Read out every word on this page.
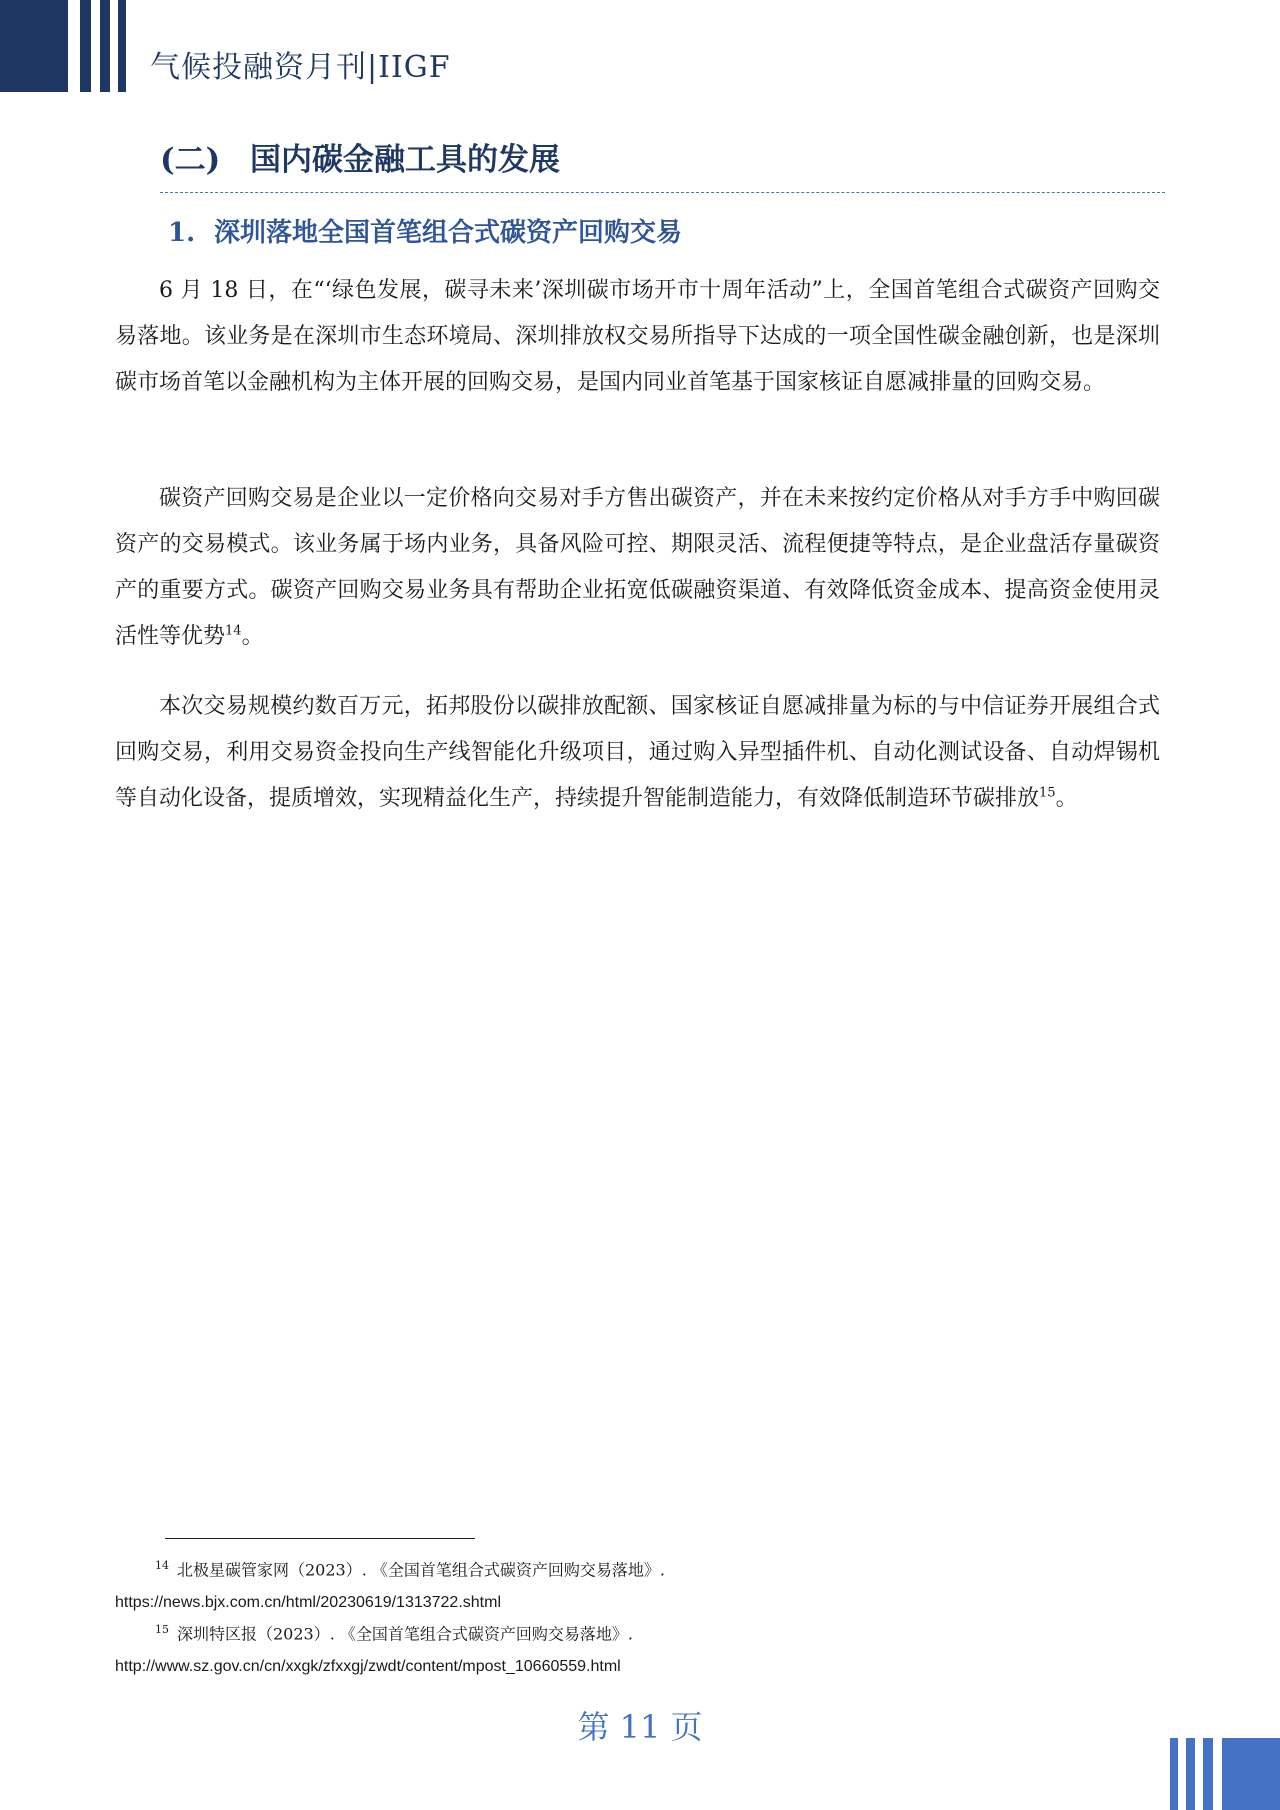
气候投融资月刊|IIGF
(二) 国内碳金融工具的发展
1. 深圳落地全国首笔组合式碳资产回购交易

6 月 18 日，在“‘绿色发展，碳寻未来’深圳碳市场开市十周年活动”上，全国首笔组合式碳资产回购交易落地。该业务是在深圳市生态环境局、深圳排放权交易所指导下达成的一项全国性碳金融创新，也是深圳碳市场首笔以金融机构为主体开展的回购交易，是国内同业首笔基于国家核证自愿减排量的回购交易。

碳资产回购交易是企业以一定价格向交易对手方售出碳资产，并在未来按约定价格从对手方手中购回碳资产的交易模式。该业务属于场内业务，具备风险可控、期限灵活、流程便捷等特点，是企业盘活存量碳资产的重要方式。碳资产回购交易业务具有帮助企业拓宽低碳融资渠道、有效降低资金成本、提高资金使用灵活性等优势$^{14}$。

本次交易规模约数百万元，拓邦股份以碳排放配额、国家核证自愿减排量为标的与中信证券开展组合式回购交易，利用交易资金投向生产线智能化升级项目，通过购入异型插件机、自动化测试设备、自动焊锡机等自动化设备，提质增效，实现精益化生产，持续提升智能制造能力，有效降低制造环节碳排放$^{15}$。

$^{14}$ 北极星碳管家网（2023）. 《全国首笔组合式碳资产回购交易落地》.
https://news.bjx.com.cn/html/20230619/1313722.shtml

$^{15}$ 深圳特区报（2023）. 《全国首笔组合式碳资产回购交易落地》.
http://www.sz.gov.cn/cn/xxgk/zfxxgj/zwdt/content/mpost_10660559.html

第 11 页
